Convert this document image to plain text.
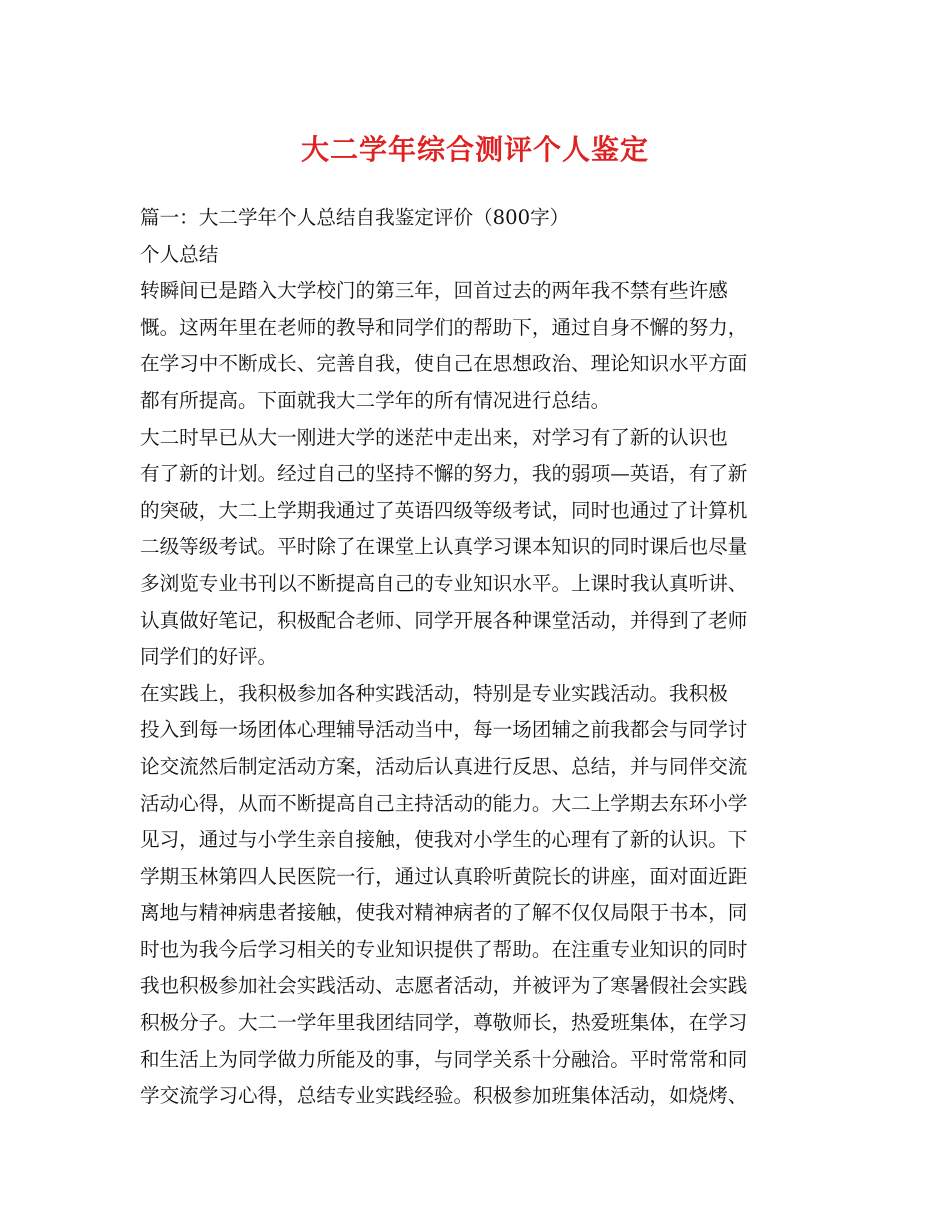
大二学年综合测评个人鉴定
篇一：大二学年个人总结自我鉴定评价（800字）
个人总结
转瞬间已是踏入大学校门的第三年，回首过去的两年我不禁有些许感
慨。这两年里在老师的教导和同学们的帮助下，通过自身不懈的努力，
在学习中不断成长、完善自我，使自己在思想政治、理论知识水平方面
都有所提高。下面就我大二学年的所有情况进行总结。
大二时早已从大一刚进大学的迷茫中走出来，对学习有了新的认识也
有了新的计划。经过自己的坚持不懈的努力，我的弱项—英语，有了新
的突破，大二上学期我通过了英语四级等级考试，同时也通过了计算机
二级等级考试。平时除了在课堂上认真学习课本知识的同时课后也尽量
多浏览专业书刊以不断提高自己的专业知识水平。上课时我认真听讲、
认真做好笔记，积极配合老师、同学开展各种课堂活动，并得到了老师
同学们的好评。
在实践上，我积极参加各种实践活动，特别是专业实践活动。我积极
投入到每一场团体心理辅导活动当中，每一场团辅之前我都会与同学讨
论交流然后制定活动方案，活动后认真进行反思、总结，并与同伴交流
活动心得，从而不断提高自己主持活动的能力。大二上学期去东环小学
见习，通过与小学生亲自接触，使我对小学生的心理有了新的认识。下
学期玉林第四人民医院一行，通过认真聆听黄院长的讲座，面对面近距
离地与精神病患者接触，使我对精神病者的了解不仅仅局限于书本，同
时也为我今后学习相关的专业知识提供了帮助。在注重专业知识的同时
我也积极参加社会实践活动、志愿者活动，并被评为了寒暑假社会实践
积极分子。大二一学年里我团结同学，尊敬师长，热爱班集体，在学习
和生活上为同学做力所能及的事，与同学关系十分融洽。平时常常和同
学交流学习心得，总结专业实践经验。积极参加班集体活动，如烧烤、
